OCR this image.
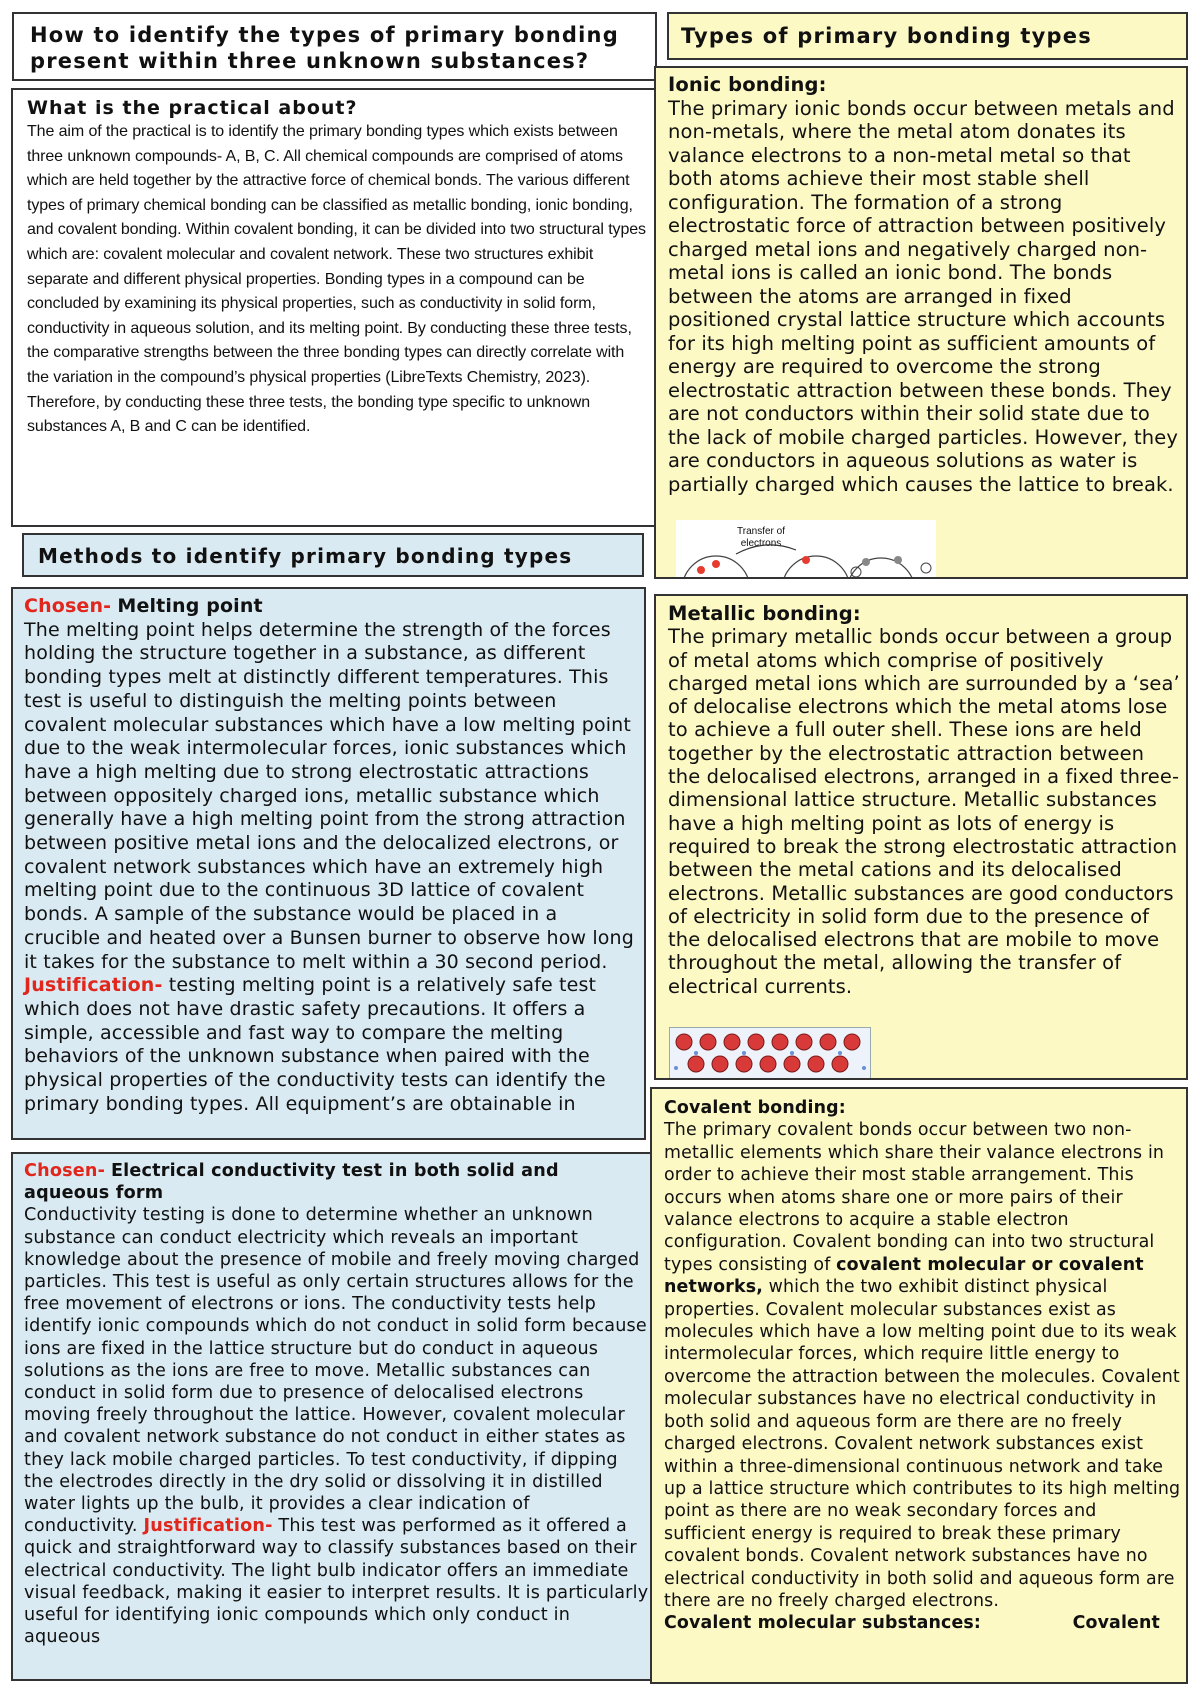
How to identify the types of primary bonding present within three unknown substances?
Types of primary bonding types
What is the practical about?

The aim of the practical is to identify the primary bonding types which exists between three unknown compounds- A, B, C. All chemical compounds are comprised of atoms which are held together by the attractive force of chemical bonds. The various different types of primary chemical bonding can be classified as metallic bonding, ionic bonding, and covalent bonding. Within covalent bonding, it can be divided into two structural types which are: covalent molecular and covalent network. These two structures exhibit separate and different physical properties. Bonding types in a compound can be concluded by examining its physical properties, such as conductivity in solid form, conductivity in aqueous solution, and its melting point. By conducting these three tests, the comparative strengths between the three bonding types can directly correlate with the variation in the compound’s physical properties (LibreTexts Chemistry, 2023). Therefore, by conducting these three tests, the bonding type specific to unknown substances A, B and C can be identified.

Methods to identify primary bonding types

Chosen- Melting point
The melting point helps determine the strength of the forces holding the structure together in a substance, as different bonding types melt at distinctly different temperatures. This test is useful to distinguish the melting points between covalent molecular substances which have a low melting point due to the weak intermolecular forces, ionic substances which have a high melting due to strong electrostatic attractions between oppositely charged ions, metallic substance which generally have a high melting point from the strong attraction between positive metal ions and the delocalized electrons, or covalent network substances which have an extremely high melting point due to the continuous 3D lattice of covalent bonds. A sample of the substance would be placed in a crucible and heated over a Bunsen burner to observe how long it takes for the substance to melt within a 30 second period.
Justification- testing melting point is a relatively safe test which does not have drastic safety precautions. It offers a simple, accessible and fast way to compare the melting behaviors of the unknown substance when paired with the physical properties of the conductivity tests can identify the primary bonding types. All equipment’s are obtainable in

Chosen- Electrical conductivity test in both solid and aqueous form
Conductivity testing is done to determine whether an unknown substance can conduct electricity which reveals an important knowledge about the presence of mobile and freely moving charged particles. This test is useful as only certain structures allows for the free movement of electrons or ions. The conductivity tests help identify ionic compounds which do not conduct in solid form because ions are fixed in the lattice structure but do conduct in aqueous solutions as the ions are free to move. Metallic substances can conduct in solid form due to presence of delocalised electrons moving freely throughout the lattice. However, covalent molecular and covalent network substance do not conduct in either states as they lack mobile charged particles. To test conductivity, if dipping the electrodes directly in the dry solid or dissolving it in distilled water lights up the bulb, it provides a clear indication of conductivity. Justification- This test was performed as it offered a quick and straightforward way to classify substances based on their electrical conductivity. The light bulb indicator offers an immediate visual feedback, making it easier to interpret results. It is particularly useful for identifying ionic compounds which only conduct in aqueous

Ionic bonding:
The primary ionic bonds occur between metals and non-metals, where the metal atom donates its valance electrons to a non-metal metal so that both atoms achieve their most stable shell configuration. The formation of a strong electrostatic force of attraction between positively charged metal ions and negatively charged non-metal ions is called an ionic bond. The bonds between the atoms are arranged in fixed positioned crystal lattice structure which accounts for its high melting point as sufficient amounts of energy are required to overcome the strong electrostatic attraction between these bonds. They are not conductors within their solid state due to the lack of mobile charged particles. However, they are conductors in aqueous solutions as water is partially charged which causes the lattice to break.

Transfer of electrons

Metallic bonding:
The primary metallic bonds occur between a group of metal atoms which comprise of positively charged metal ions which are surrounded by a ‘sea’ of delocalise electrons which the metal atoms lose to achieve a full outer shell. These ions are held together by the electrostatic attraction between the delocalised electrons, arranged in a fixed three-dimensional lattice structure. Metallic substances have a high melting point as lots of energy is required to break the strong electrostatic attraction between the metal cations and its delocalised electrons. Metallic substances are good conductors of electricity in solid form due to the presence of the delocalised electrons that are mobile to move throughout the metal, allowing the transfer of electrical currents.

Covalent bonding:
The primary covalent bonds occur between two non-metallic elements which share their valance electrons in order to achieve their most stable arrangement. This occurs when atoms share one or more pairs of their valance electrons to acquire a stable electron configuration. Covalent bonding can into two structural types consisting of covalent molecular or covalent networks, which the two exhibit distinct physical properties. Covalent molecular substances exist as molecules which have a low melting point due to its weak intermolecular forces, which require little energy to overcome the attraction between the molecules. Covalent molecular substances have no electrical conductivity in both solid and aqueous form are there are no freely charged electrons. Covalent network substances exist within a three-dimensional continuous network and take up a lattice structure which contributes to its high melting point as there are no weak secondary forces and sufficient energy is required to break these primary covalent bonds. Covalent network substances have no electrical conductivity in both solid and aqueous form are there are no freely charged electrons.

Covalent molecular substances:	Covalent
